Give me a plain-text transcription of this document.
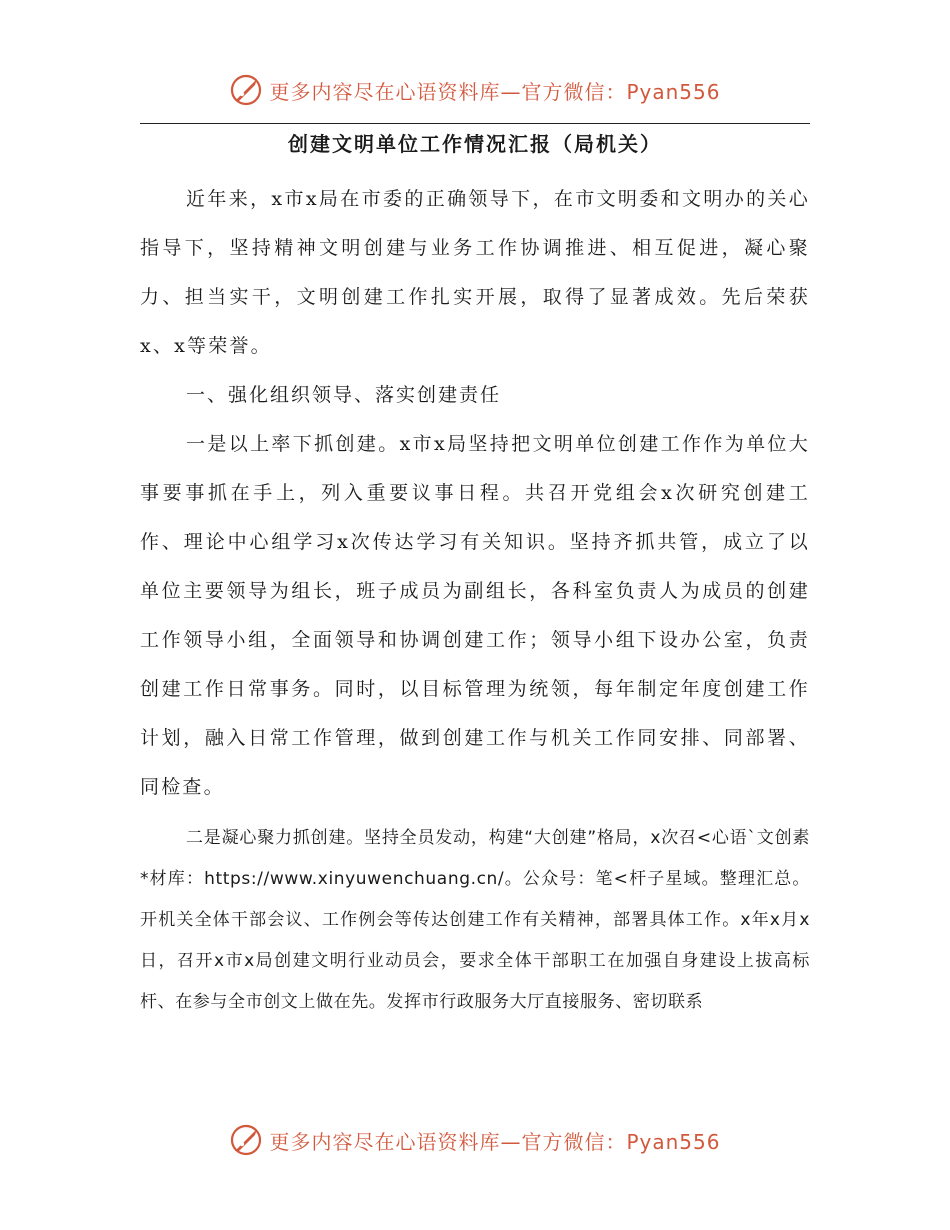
更多内容尽在心语资料库—官方微信：Pyan556
创建文明单位工作情况汇报（局机关）

近年来，x市x局在市委的正确领导下，在市文明委和文明办的关心指导下，坚持精神文明创建与业务工作协调推进、相互促进，凝心聚力、担当实干，文明创建工作扎实开展，取得了显著成效。先后荣获x、x等荣誉。

一、强化组织领导、落实创建责任

一是以上率下抓创建。x市x局坚持把文明单位创建工作作为单位大事要事抓在手上，列入重要议事日程。共召开党组会x次研究创建工作、理论中心组学习x次传达学习有关知识。坚持齐抓共管，成立了以单位主要领导为组长，班子成员为副组长，各科室负责人为成员的创建工作领导小组，全面领导和协调创建工作；领导小组下设办公室，负责创建工作日常事务。同时，以目标管理为统领，每年制定年度创建工作计划，融入日常工作管理，做到创建工作与机关工作同安排、同部署、同检查。

二是凝心聚力抓创建。坚持全员发动，构建“大创建”格局，x次召<心语`文创素*材库：https://www.xinyuwenchuang.cn/。公众号：笔<杆子星域。整理汇总。开机关全体干部会议、工作例会等传达创建工作有关精神，部署具体工作。x年x月x日，召开x市x局创建文明行业动员会，要求全体干部职工在加强自身建设上拔高标杆、在参与全市创文上做在先。发挥市行政服务大厅直接服务、密切联系

更多内容尽在心语资料库—官方微信：Pyan556
